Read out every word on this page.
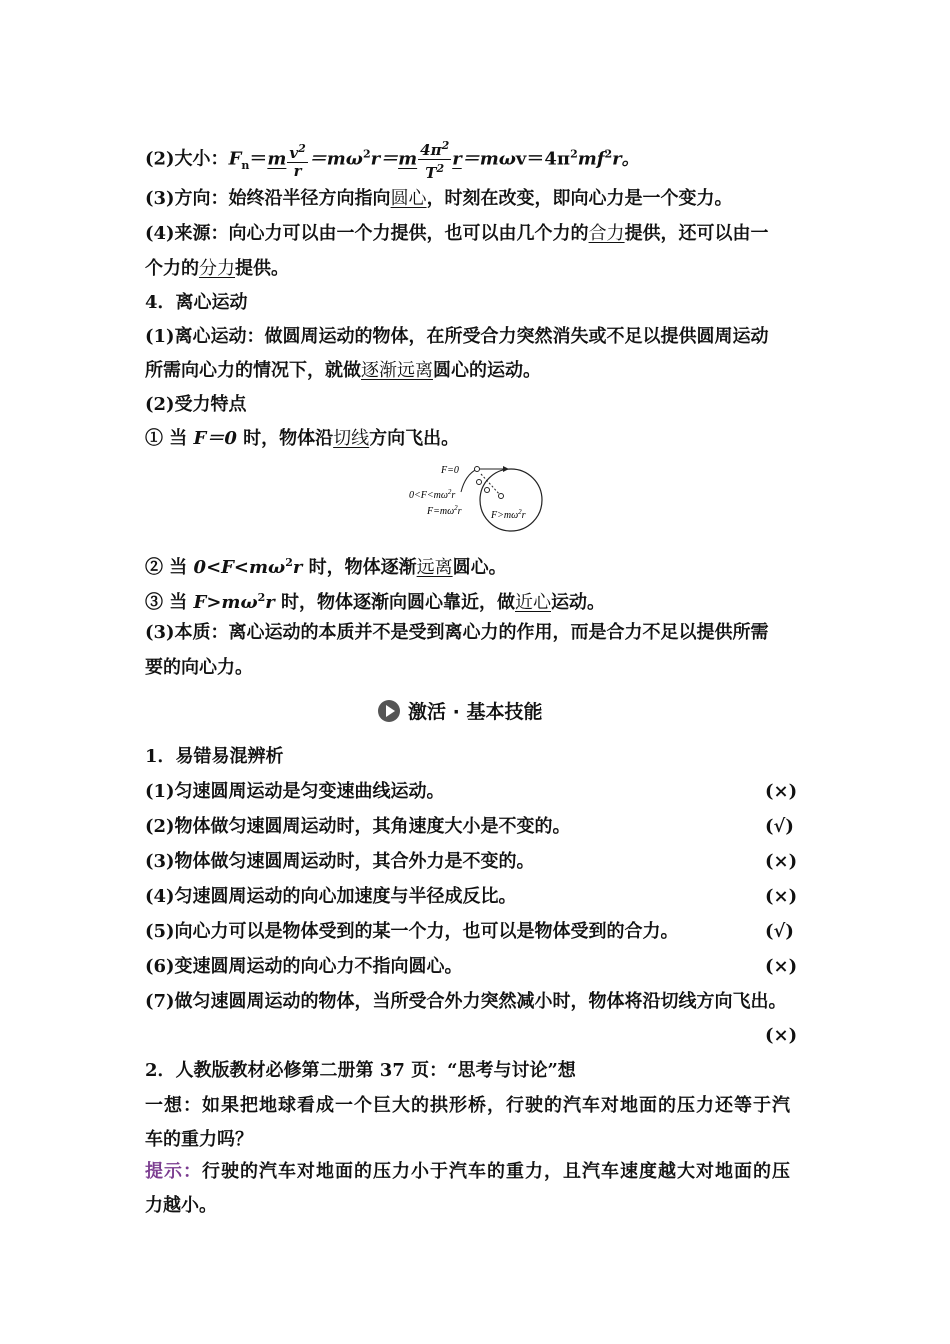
(2)大小：$F_n=m \frac{v^2}{r} =m\omega^2r=m \frac{4\pi^2}{T^2} r=m\omega v=4\pi^2mf^2r$。
(3)方向：始终沿半径方向指向圆心，时刻在改变，即向心力是一个变力。
(4)来源：向心力可以由一个力提供，也可以由几个力的合力提供，还可以由一
个力的分力提供。
4．离心运动
(1)离心运动：做圆周运动的物体，在所受合力突然消失或不足以提供圆周运动
所需向心力的情况下，就做逐渐远离圆心的运动。
(2)受力特点
① 当 F＝0 时，物体沿切线方向飞出。
F=0
$0<F<m\omega^2r$
$F=m\omega^2r$	$F>m\omega^2r$
② 当 $0<F<m\omega^2r$ 时，物体逐渐远离圆心。
③ 当 $F>m\omega^2r$ 时，物体逐渐向圆心靠近，做近心运动。
(3)本质：离心运动的本质并不是受到离心力的作用，而是合力不足以提供所需
要的向心力。
激活 · 基本技能
1．易错易混辨析
(1)匀速圆周运动是匀变速曲线运动。	(×)
(2)物体做匀速圆周运动时，其角速度大小是不变的。	(√)
(3)物体做匀速圆周运动时，其合外力是不变的。	(×)
(4)匀速圆周运动的向心加速度与半径成反比。	(×)
(5)向心力可以是物体受到的某一个力，也可以是物体受到的合力。	(√)
(6)变速圆周运动的向心力不指向圆心。	(×)
(7)做匀速圆周运动的物体，当所受合外力突然减小时，物体将沿切线方向飞出。
(×)
2．人教版教材必修第二册第 37 页：“思考与讨论”想
一想：如果把地球看成一个巨大的拱形桥，行驶的汽车对地面的压力还等于汽
车的重力吗？
提示：行驶的汽车对地面的压力小于汽车的重力，且汽车速度越大对地面的压
力越小。
